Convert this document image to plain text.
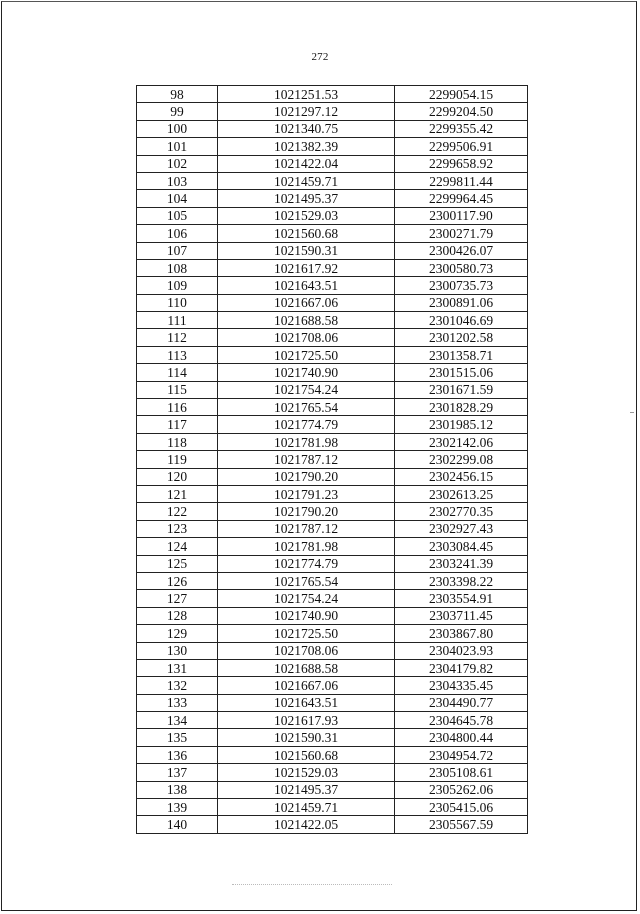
272
98	1021251.53	2299054.15
99	1021297.12	2299204.50
100	1021340.75	2299355.42
101	1021382.39	2299506.91
102	1021422.04	2299658.92
103	1021459.71	2299811.44
104	1021495.37	2299964.45
105	1021529.03	2300117.90
106	1021560.68	2300271.79
107	1021590.31	2300426.07
108	1021617.92	2300580.73
109	1021643.51	2300735.73
110	1021667.06	2300891.06
111	1021688.58	2301046.69
112	1021708.06	2301202.58
113	1021725.50	2301358.71
114	1021740.90	2301515.06
115	1021754.24	2301671.59
116	1021765.54	2301828.29
117	1021774.79	2301985.12
118	1021781.98	2302142.06
119	1021787.12	2302299.08
120	1021790.20	2302456.15
121	1021791.23	2302613.25
122	1021790.20	2302770.35
123	1021787.12	2302927.43
124	1021781.98	2303084.45
125	1021774.79	2303241.39
126	1021765.54	2303398.22
127	1021754.24	2303554.91
128	1021740.90	2303711.45
129	1021725.50	2303867.80
130	1021708.06	2304023.93
131	1021688.58	2304179.82
132	1021667.06	2304335.45
133	1021643.51	2304490.77
134	1021617.93	2304645.78
135	1021590.31	2304800.44
136	1021560.68	2304954.72
137	1021529.03	2305108.61
138	1021495.37	2305262.06
139	1021459.71	2305415.06
140	1021422.05	2305567.59
